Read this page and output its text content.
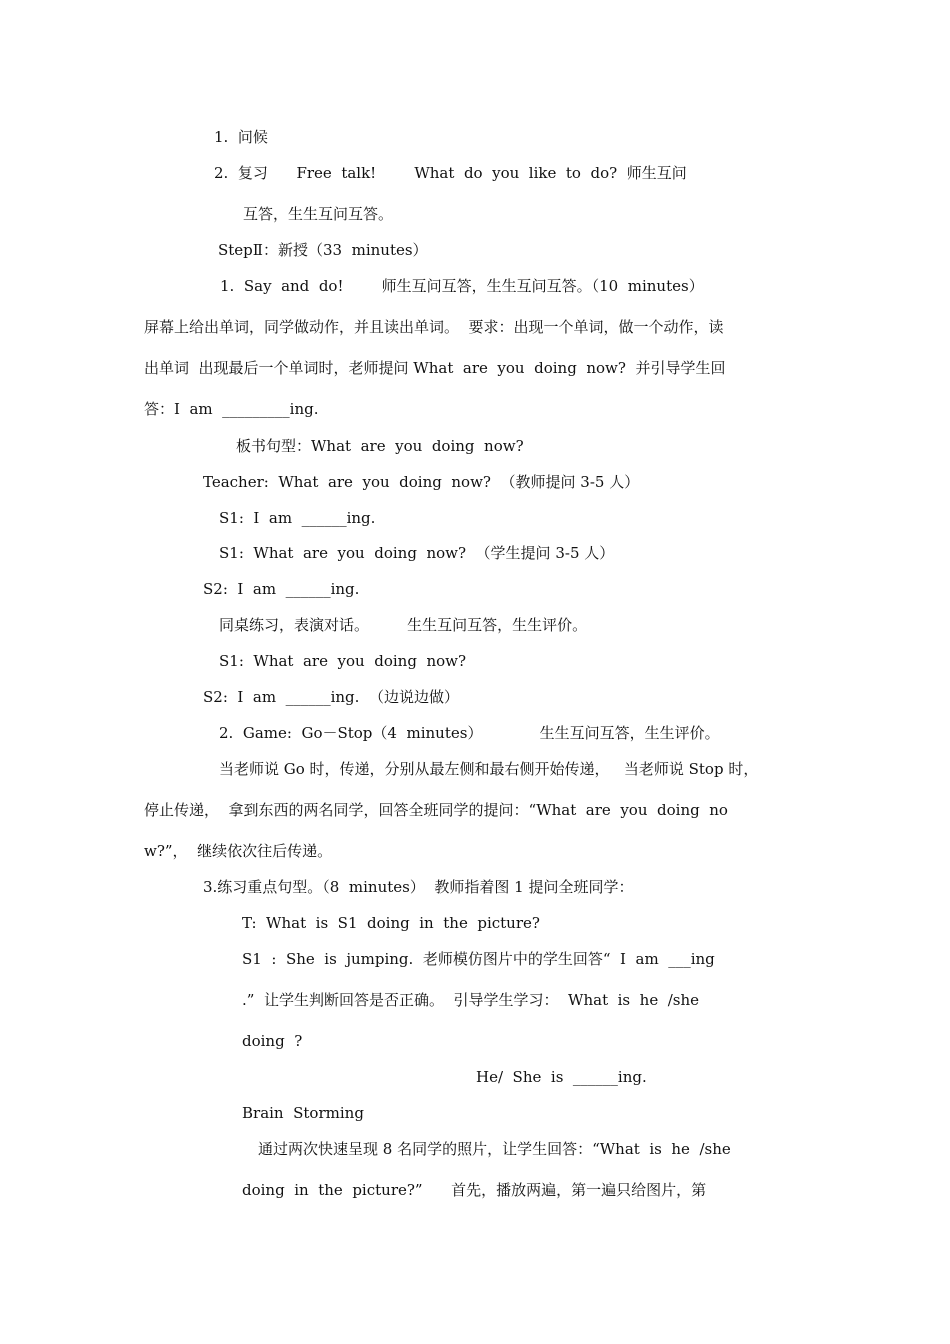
1.  问候
2.  复习      Free  talk!        What  do  you  like  to  do?  师生互问
互答，生生互问互答。
StepⅡ：新授（33  minutes）
1.  Say  and  do!        师生互问互答，生生互问互答。（10  minutes）
屏幕上给出单词，同学做动作，并且读出单词。  要求：出现一个单词，做一个动作，读
出单词  出现最后一个单词时，老师提问 What  are  you  doing  now?  并引导学生回
答：I  am  _________ing.
板书句型：What  are  you  doing  now?
Teacher:  What  are  you  doing  now?  （教师提问 3-5 人）
S1:  I  am  ______ing.
S1:  What  are  you  doing  now?  （学生提问 3-5 人）
S2:  I  am  ______ing.
同桌练习，表演对话。        生生互问互答，生生评价。
S1:  What  are  you  doing  now?
S2:  I  am  ______ing.  （边说边做）
2.  Game:  Go－Stop（4  minutes）            生生互问互答，生生评价。
当老师说 Go 时，传递，分别从最左侧和最右侧开始传递，   当老师说 Stop 时，
停止传递，  拿到东西的两名同学，回答全班同学的提问：“What  are  you  doing  no
w?”，  继续依次往后传递。
3.练习重点句型。（8  minutes）  教师指着图 1 提问全班同学：
T:  What  is  S1  doing  in  the  picture?
S1  :  She  is  jumping.  老师模仿图片中的学生回答“  I  am  ___ing
.”  让学生判断回答是否正确。  引导学生学习：  What  is  he  /she
doing  ?
He/  She  is  ______ing.
Brain  Storming
通过两次快速呈现 8 名同学的照片，让学生回答：“What  is  he  /she
doing  in  the  picture?”      首先，播放两遍，第一遍只给图片，第
